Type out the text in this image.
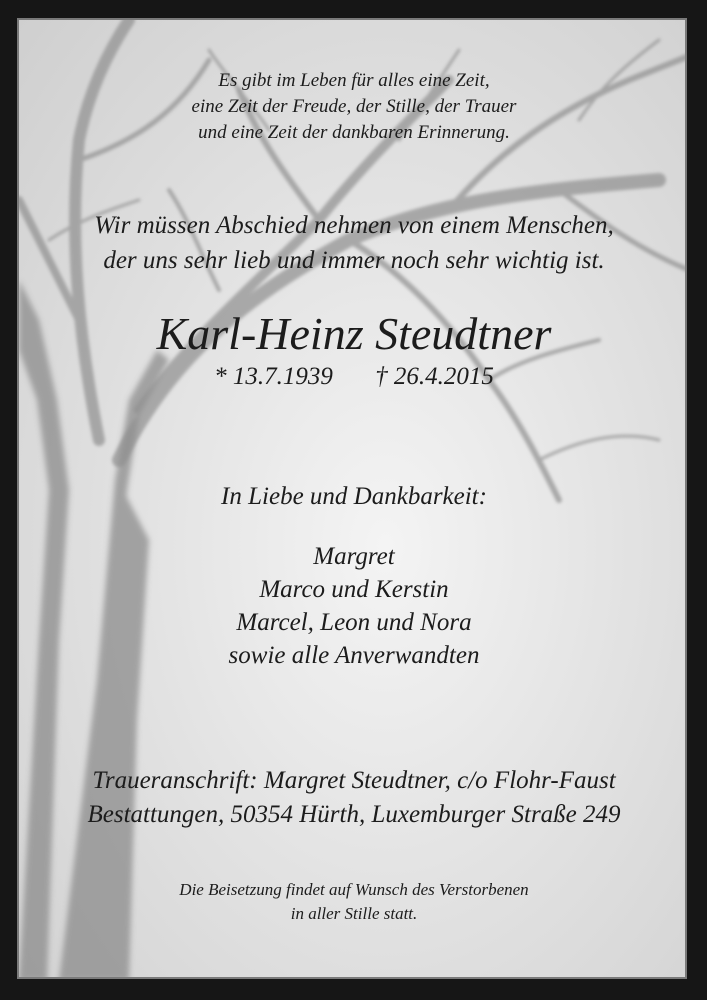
Es gibt im Leben für alles eine Zeit,
eine Zeit der Freude, der Stille, der Trauer
und eine Zeit der dankbaren Erinnerung.
Wir müssen Abschied nehmen von einem Menschen,
der uns sehr lieb und immer noch sehr wichtig ist.
Karl-Heinz Steudtner
* 13.7.1939 † 26.4.2015
In Liebe und Dankbarkeit:
Margret
Marco und Kerstin
Marcel, Leon und Nora
sowie alle Anverwandten
Traueranschrift: Margret Steudtner, c/o Flohr-Faust
Bestattungen, 50354 Hürth, Luxemburger Straße 249
Die Beisetzung findet auf Wunsch des Verstorbenen
in aller Stille statt.
